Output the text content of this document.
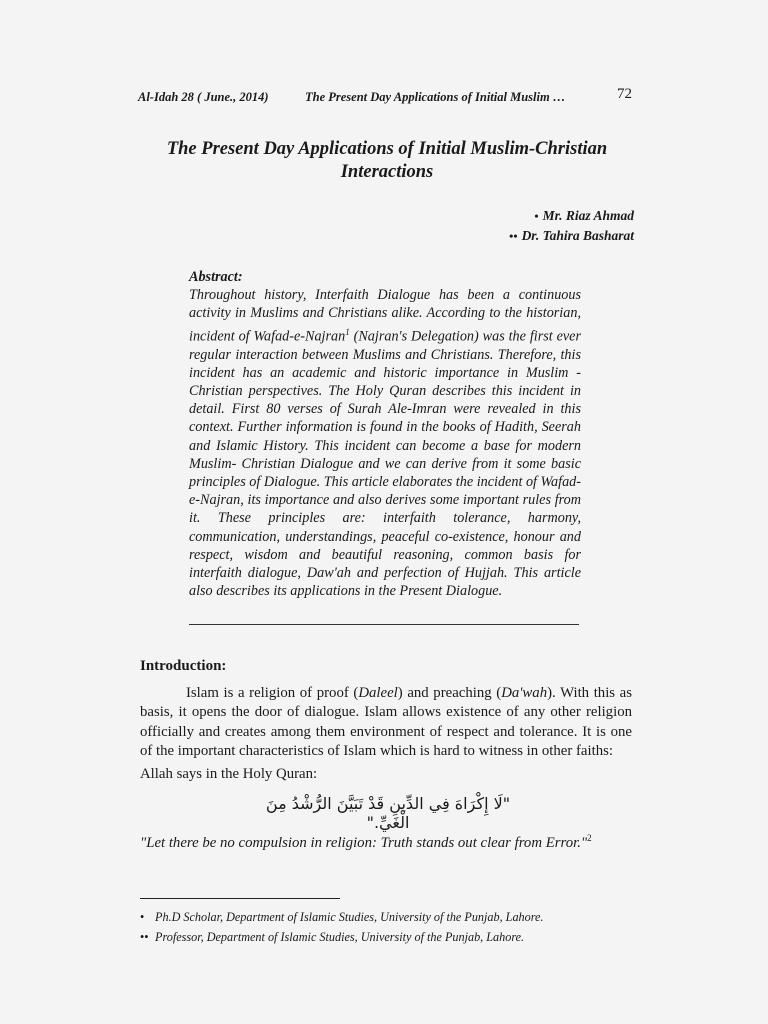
Al-Idah 28 ( June., 2014)	The Present Day Applications of Initial Muslim …	72
The Present Day Applications of Initial Muslim-Christian Interactions
• Mr. Riaz Ahmad
•• Dr. Tahira Basharat
Abstract:
Throughout history, Interfaith Dialogue has been a continuous activity in Muslims and Christians alike. According to the historian, incident of Wafad-e-Najran$^1$ (Najran's Delegation) was the first ever regular interaction between Muslims and Christians. Therefore, this incident has an academic and historic importance in Muslim -Christian perspectives. The Holy Quran describes this incident in detail. First 80 verses of Surah Ale-Imran were revealed in this context. Further information is found in the books of Hadith, Seerah and Islamic History. This incident can become a base for modern Muslim- Christian Dialogue and we can derive from it some basic principles of Dialogue. This article elaborates the incident of Wafad-e-Najran, its importance and also derives some important rules from it. These principles are: interfaith tolerance, harmony, communication, understandings, peaceful co-existence, honour and respect, wisdom and beautiful reasoning, common basis for interfaith dialogue, Daw'ah and perfection of Hujjah. This article also describes its applications in the Present Dialogue.
Introduction:
Islam is a religion of proof (Daleel) and preaching (Da'wah). With this as basis, it opens the door of dialogue. Islam allows existence of any other religion officially and creates among them environment of respect and tolerance. It is one of the important characteristics of Islam which is hard to witness in other faiths:
Allah says in the Holy Quran:
"لَا إِكْرَاهَ فِي الدِّينِ قَدْ تَبَيَّنَ الرُّشْدُ مِنَ الْغَيِّ."
"Let there be no compulsion in religion: Truth stands out clear from Error."$^2$
• Ph.D Scholar, Department of Islamic Studies, University of the Punjab, Lahore.
•• Professor, Department of Islamic Studies, University of the Punjab, Lahore.
